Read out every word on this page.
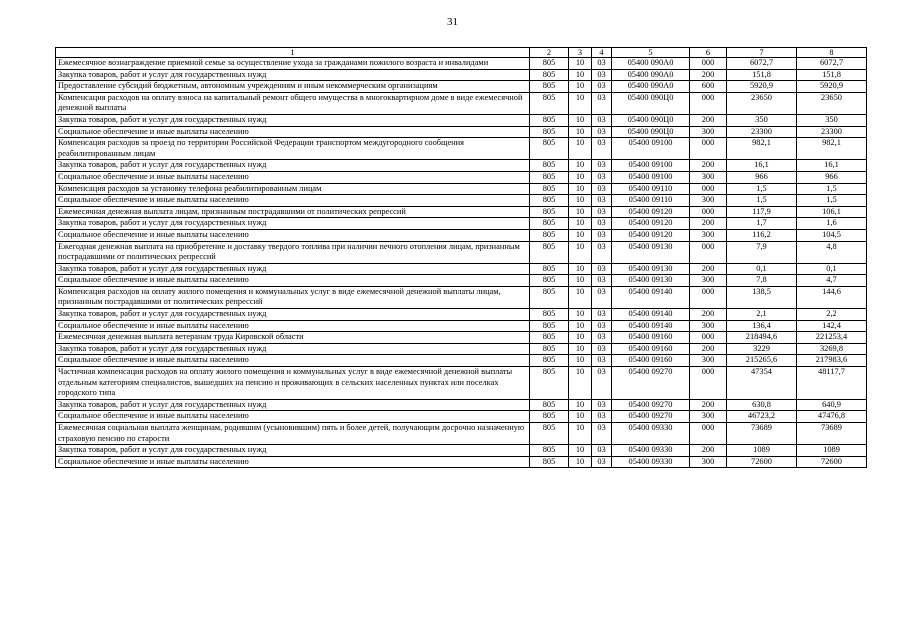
31
1	2	3	4	5	6	7	8
Ежемесячное вознаграждение приемной семье за осуществление ухода за гражданами пожилого возраста и инвалидами	805	10	03	05400 090А0	000	6072,7	6072,7
Закупка товаров, работ и услуг для государственных нужд	805	10	03	05400 090А0	200	151,8	151,8
Предоставление субсидий бюджетным, автономным учреждениям и иным некоммерческим организациям	805	10	03	05400 090А0	600	5920,9	5920,9
Компенсация расходов на оплату взноса на капитальный ремонт общего имущества в многоквартирном доме в виде ежемесячной денежной выплаты	805	10	03	05400 090Ц0	000	23650	23650
Закупка товаров, работ и услуг для государственных нужд	805	10	03	05400 090Ц0	200	350	350
Социальное обеспечение и иные выплаты населению	805	10	03	05400 090Ц0	300	23300	23300
Компенсация расходов за проезд по территории Российской Федерации транспортом междугородного сообщения реабилитированным лицам	805	10	03	05400 09100	000	982,1	982,1
Закупка товаров, работ и услуг для государственных нужд	805	10	03	05400 09100	200	16,1	16,1
Социальное обеспечение и иные выплаты населению	805	10	03	05400 09100	300	966	966
Компенсация расходов за установку телефона реабилитированным лицам	805	10	03	05400 09110	000	1,5	1,5
Социальное обеспечение и иные выплаты населению	805	10	03	05400 09110	300	1,5	1,5
Ежемесячная денежная выплата лицам, признанным пострадавшими от политических репрессий	805	10	03	05400 09120	000	117,9	106,1
Закупка товаров, работ и услуг для государственных нужд	805	10	03	05400 09120	200	1,7	1,6
Социальное обеспечение и иные выплаты населению	805	10	03	05400 09120	300	116,2	104,5
Ежегодная денежная выплата на приобретение и доставку твердого топлива при наличии печного отопления лицам, признанным пострадавшими от политических репрессий	805	10	03	05400 09130	000	7,9	4,8
Закупка товаров, работ и услуг для государственных нужд	805	10	03	05400 09130	200	0,1	0,1
Социальное обеспечение и иные выплаты населению	805	10	03	05400 09130	300	7,8	4,7
Компенсация расходов на оплату жилого помещения и коммунальных услуг в виде ежемесячной денежной выплаты лицам, признанным пострадавшими от политических репрессий	805	10	03	05400 09140	000	138,5	144,6
Закупка товаров, работ и услуг для государственных нужд	805	10	03	05400 09140	200	2,1	2,2
Социальное обеспечение и иные выплаты населению	805	10	03	05400 09140	300	136,4	142,4
Ежемесячная денежная выплата ветеранам труда Кировской области	805	10	03	05400 09160	000	218494,6	221253,4
Закупка товаров, работ и услуг для государственных нужд	805	10	03	05400 09160	200	3229	3269,8
Социальное обеспечение и иные выплаты населению	805	10	03	05400 09160	300	215265,6	217983,6
Частичная компенсация расходов на оплату жилого помещения и коммунальных услуг в виде ежемесячной денежной выплаты отдельным категориям специалистов, вышедших на пенсию и проживающих в сельских населенных пунктах или поселках городского типа	805	10	03	05400 09270	000	47354	48117,7
Закупка товаров, работ и услуг для государственных нужд	805	10	03	05400 09270	200	630,8	640,9
Социальное обеспечение и иные выплаты населению	805	10	03	05400 09270	300	46723,2	47476,8
Ежемесячная социальная выплата женщинам, родившим (усыновившим) пять и более детей, получающим досрочно назначенную страховую пенсию по старости	805	10	03	05400 09330	000	73689	73689
Закупка товаров, работ и услуг для государственных нужд	805	10	03	05400 09330	200	1089	1089
Социальное обеспечение и иные выплаты населению	805	10	03	05400 09330	300	72600	72600
